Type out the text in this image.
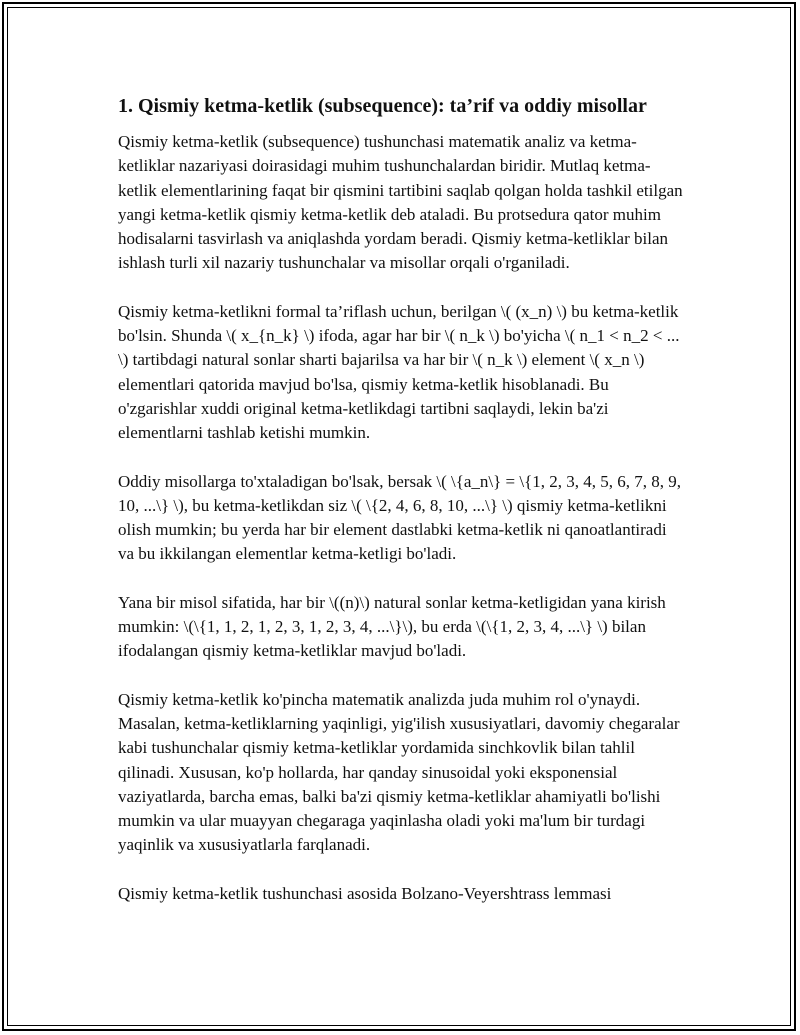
1. Qismiy ketma-ketlik (subsequence): ta’rif va oddiy misollar

Qismiy ketma-ketlik (subsequence) tushunchasi matematik analiz va ketma-ketliklar nazariyasi doirasidagi muhim tushunchalardan biridir. Mutlaq ketma-ketlik elementlarining faqat bir qismini tartibini saqlab qolgan holda tashkil etilgan yangi ketma-ketlik qismiy ketma-ketlik deb ataladi. Bu protsedura qator muhim hodisalarni tasvirlash va aniqlashda yordam beradi. Qismiy ketma-ketliklar bilan ishlash turli xil nazariy tushunchalar va misollar orqali o'rganiladi.

Qismiy ketma-ketlikni formal ta’riflash uchun, berilgan \( (x_n) \) bu ketma-ketlik bo'lsin. Shunda \( x_{n_k} \) ifoda, agar har bir \( n_k \) bo'yicha \( n_1 < n_2 < ... \) tartibdagi natural sonlar sharti bajarilsa va har bir \( n_k \) element \( x_n \) elementlari qatorida mavjud bo'lsa, qismiy ketma-ketlik hisoblanadi. Bu o'zgarishlar xuddi original ketma-ketlikdagi tartibni saqlaydi, lekin ba'zi elementlarni tashlab ketishi mumkin.

Oddiy misollarga to'xtaladigan bo'lsak, bersak \( \{a_n\} = \{1, 2, 3, 4, 5, 6, 7, 8, 9, 10, ...\} \), bu ketma-ketlikdan siz \( \{2, 4, 6, 8, 10, ...\} \) qismiy ketma-ketlikni olish mumkin; bu yerda har bir element dastlabki ketma-ketlik ni qanoatlantiradi va bu ikkilangan elementlar ketma-ketligi bo'ladi.

Yana bir misol sifatida, har bir \((n)\) natural sonlar ketma-ketligidan yana kirish mumkin: \(\{1, 1, 2, 1, 2, 3, 1, 2, 3, 4, ...\}\), bu erda \(\{1, 2, 3, 4, ...\} \) bilan ifodalangan qismiy ketma-ketliklar mavjud bo'ladi.

Qismiy ketma-ketlik ko'pincha matematik analizda juda muhim rol o'ynaydi. Masalan, ketma-ketliklarning yaqinligi, yig'ilish xususiyatlari, davomiy chegaralar kabi tushunchalar qismiy ketma-ketliklar yordamida sinchkovlik bilan tahlil qilinadi. Xususan, ko'p hollarda, har qanday sinusoidal yoki eksponensial vaziyatlarda, barcha emas, balki ba'zi qismiy ketma-ketliklar ahamiyatli bo'lishi mumkin va ular muayyan chegaraga yaqinlasha oladi yoki ma'lum bir turdagi yaqinlik va xususiyatlarla farqlanadi.

Qismiy ketma-ketlik tushunchasi asosida Bolzano-Veyershtrass lemmasi
